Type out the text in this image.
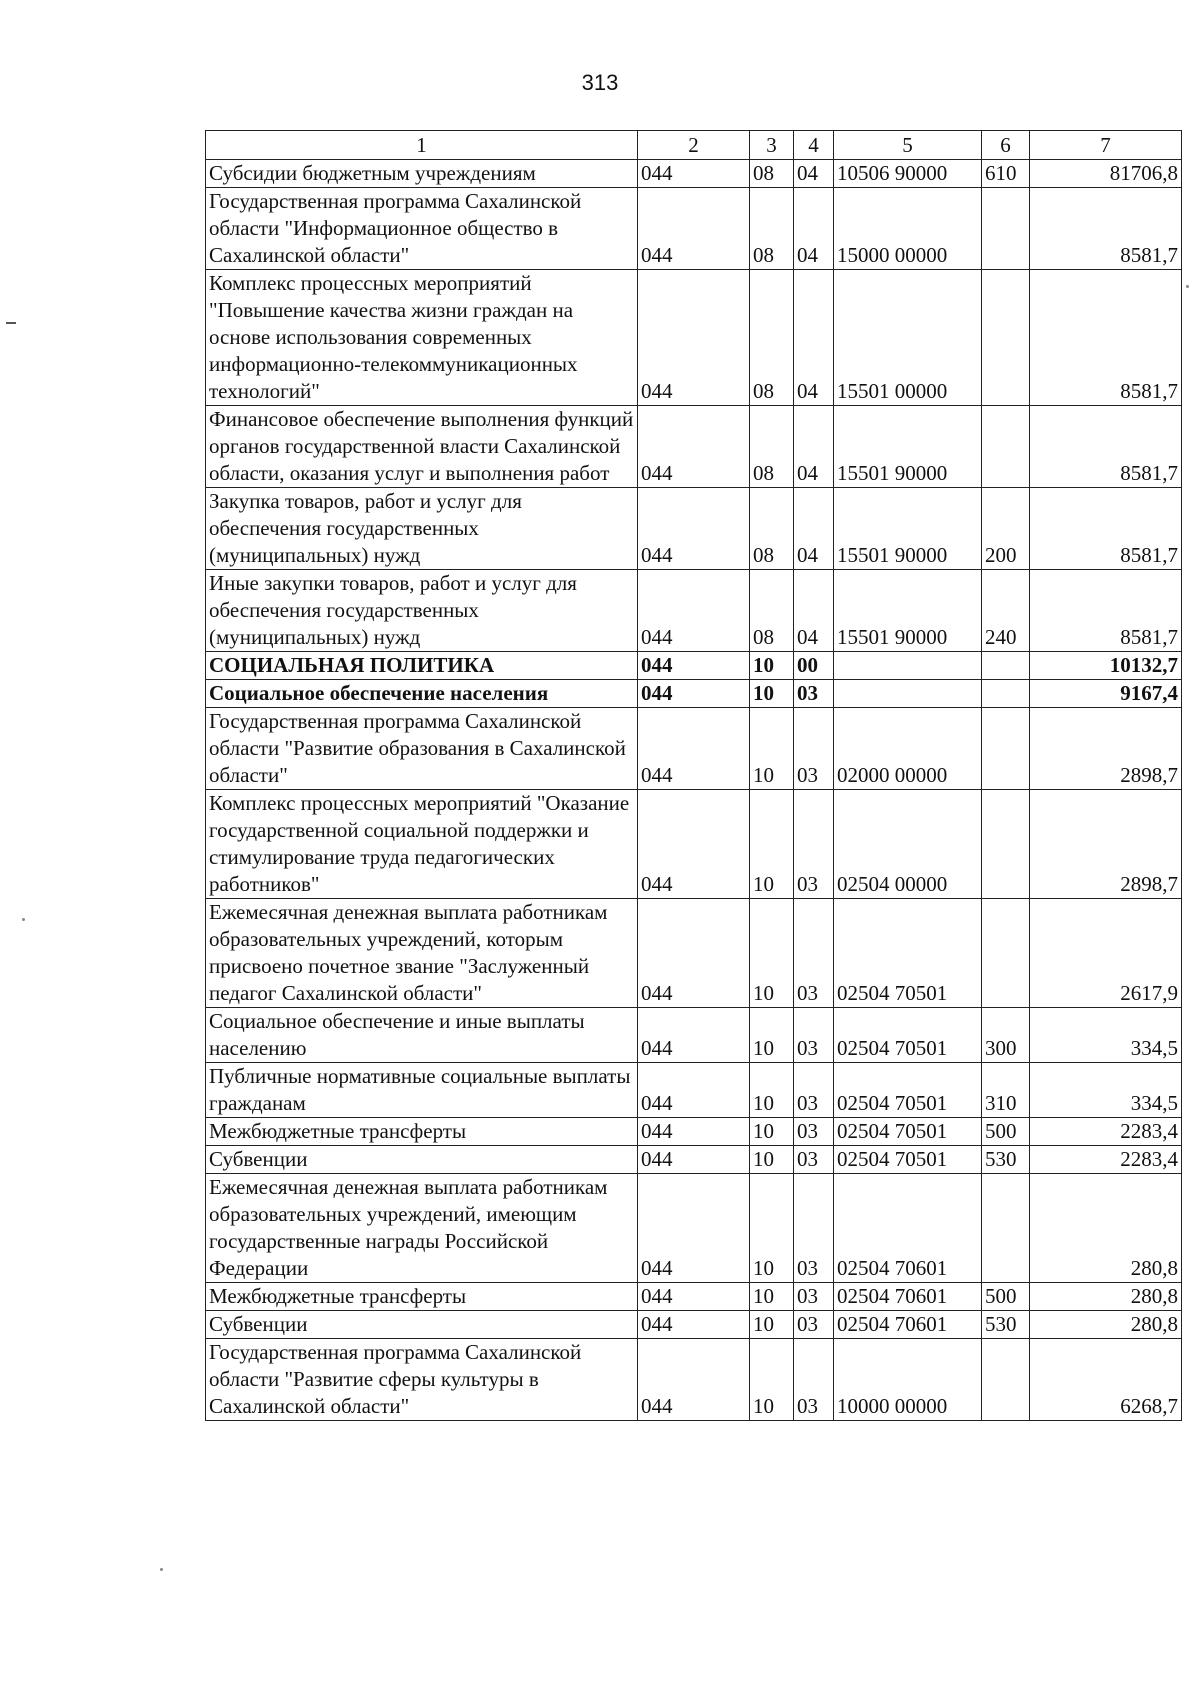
313
1	2	3	4	5	6	7
Субсидии бюджетным учреждениям	044	08	04	10506 90000	610	81706,8
Государственная программа Сахалинской области "Информационное общество в Сахалинской области"	044	08	04	15000 00000		8581,7
Комплекс процессных мероприятий "Повышение качества жизни граждан на основе использования современных информационно-телекоммуникационных технологий"	044	08	04	15501 00000		8581,7
Финансовое обеспечение выполнения функций органов государственной власти Сахалинской области, оказания услуг и выполнения работ	044	08	04	15501 90000		8581,7
Закупка товаров, работ и услуг для обеспечения государственных (муниципальных) нужд	044	08	04	15501 90000	200	8581,7
Иные закупки товаров, работ и услуг для обеспечения государственных (муниципальных) нужд	044	08	04	15501 90000	240	8581,7
СОЦИАЛЬНАЯ ПОЛИТИКА	044	10	00			10132,7
Социальное обеспечение населения	044	10	03			9167,4
Государственная программа Сахалинской области "Развитие образования в Сахалинской области"	044	10	03	02000 00000		2898,7
Комплекс процессных мероприятий "Оказание государственной социальной поддержки и стимулирование труда педагогических работников"	044	10	03	02504 00000		2898,7
Ежемесячная денежная выплата работникам образовательных учреждений, которым присвоено почетное звание "Заслуженный педагог Сахалинской области"	044	10	03	02504 70501		2617,9
Социальное обеспечение и иные выплаты населению	044	10	03	02504 70501	300	334,5
Публичные нормативные социальные выплаты гражданам	044	10	03	02504 70501	310	334,5
Межбюджетные трансферты	044	10	03	02504 70501	500	2283,4
Субвенции	044	10	03	02504 70501	530	2283,4
Ежемесячная денежная выплата работникам образовательных учреждений, имеющим государственные награды Российской Федерации	044	10	03	02504 70601		280,8
Межбюджетные трансферты	044	10	03	02504 70601	500	280,8
Субвенции	044	10	03	02504 70601	530	280,8
Государственная программа Сахалинской области "Развитие сферы культуры в Сахалинской области"	044	10	03	10000 00000		6268,7
